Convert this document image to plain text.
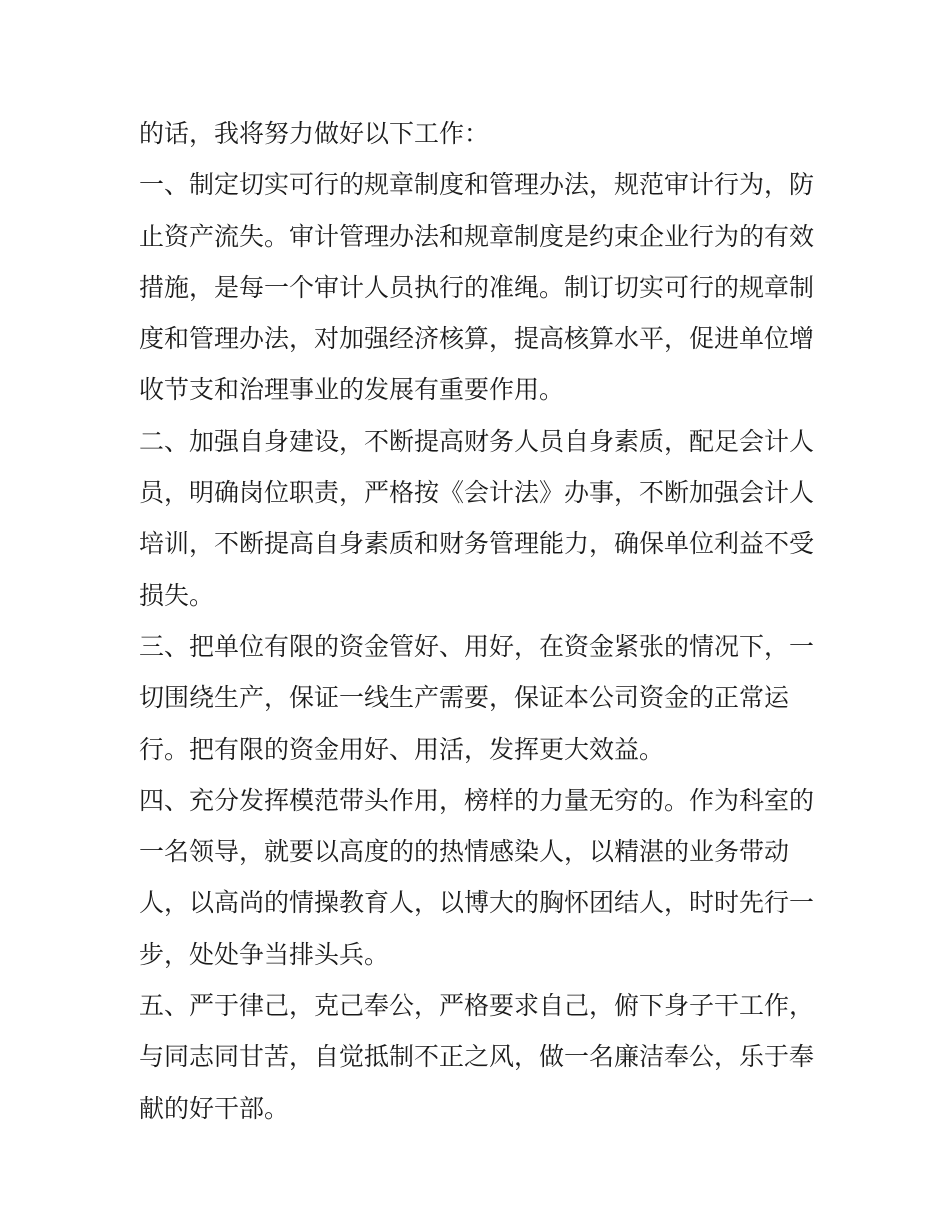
的话，我将努力做好以下工作：
一、制定切实可行的规章制度和管理办法，规范审计行为，防
止资产流失。审计管理办法和规章制度是约束企业行为的有效
措施，是每一个审计人员执行的准绳。制订切实可行的规章制
度和管理办法，对加强经济核算，提高核算水平，促进单位增
收节支和治理事业的发展有重要作用。
二、加强自身建设，不断提高财务人员自身素质，配足会计人
员，明确岗位职责，严格按《会计法》办事，不断加强会计人
培训，不断提高自身素质和财务管理能力，确保单位利益不受
损失。
三、把单位有限的资金管好、用好，在资金紧张的情况下，一
切围绕生产，保证一线生产需要，保证本公司资金的正常运
行。把有限的资金用好、用活，发挥更大效益。
四、充分发挥模范带头作用，榜样的力量无穷的。作为科室的
一名领导，就要以高度的的热情感染人，以精湛的业务带动
人，以高尚的情操教育人，以博大的胸怀团结人，时时先行一
步，处处争当排头兵。
五、严于律己，克己奉公，严格要求自己，俯下身子干工作，
与同志同甘苦，自觉抵制不正之风，做一名廉洁奉公，乐于奉
献的好干部。
